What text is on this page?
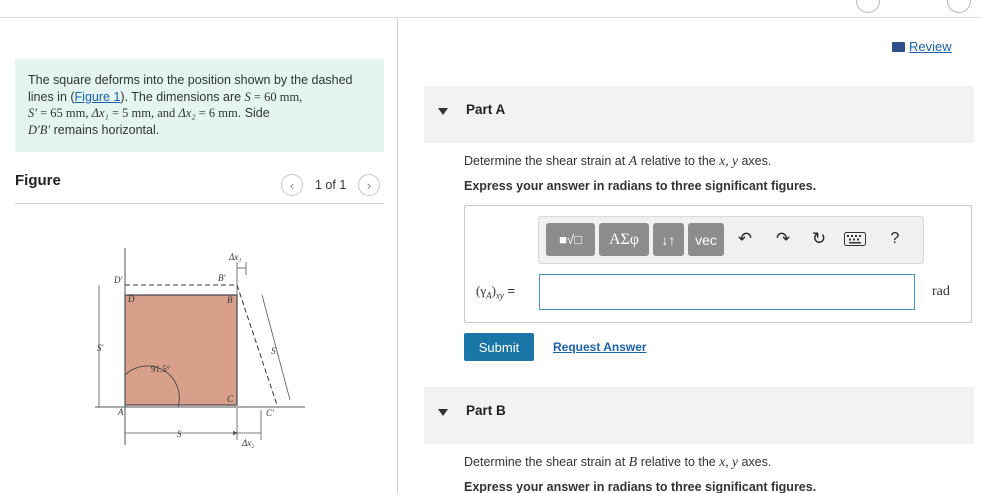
The square deforms into the position shown by the dashed
lines in (Figure 1). The dimensions are S = 60 mm,
S′ = 65 mm, Δx₁ = 5 mm, and Δx₂ = 6 mm. Side
D′B′ remains horizontal.
Figure	‹ 1 of 1 ›
D′
D
B′
B
A
C
C′
S
S
S′
Δx₁
Δx₂
91.5°
Review
Part A
Determine the shear strain at A relative to the x, y axes.
Express your answer in radians to three significant figures.
■√□ ΑΣφ ↓↑ vec ↶ ↷ ↻	?
$(\gamma_A)_{xy}$ =	rad
Submit	Request Answer
Part B
Determine the shear strain at B relative to the x, y axes.
Express your answer in radians to three significant figures.
